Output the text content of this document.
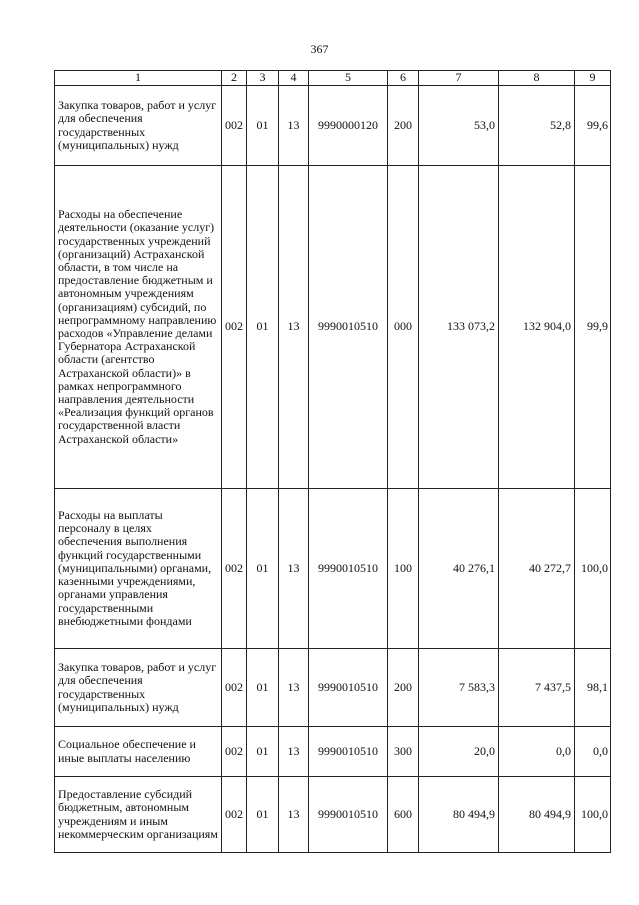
367
1	2	3	4	5	6	7	8	9
Закупка товаров, работ и услуг для обеспечения государственных (муниципальных) нужд	002	01	13	9990000120	200	53,0	52,8	99,6
Расходы на обеспечение деятельности (оказание услуг) государственных учреждений (организаций) Астраханской области, в том числе на предоставление бюджетным и автономным учреждениям (организациям) субсидий, по непрограммному направлению расходов «Управление делами Губернатора Астраханской области (агентство Астраханской области)» в рамках непрограммного направления деятельности «Реализация функций органов государственной власти Астраханской области»	002	01	13	9990010510	000	133 073,2	132 904,0	99,9
Расходы на выплаты персоналу в целях обеспечения выполнения функций государственными (муниципальными) органами, казенными учреждениями, органами управления государственными внебюджетными фондами	002	01	13	9990010510	100	40 276,1	40 272,7	100,0
Закупка товаров, работ и услуг для обеспечения государственных (муниципальных) нужд	002	01	13	9990010510	200	7 583,3	7 437,5	98,1
Социальное обеспечение и иные выплаты населению	002	01	13	9990010510	300	20,0	0,0	0,0
Предоставление субсидий бюджетным, автономным учреждениям и иным некоммерческим организациям	002	01	13	9990010510	600	80 494,9	80 494,9	100,0
